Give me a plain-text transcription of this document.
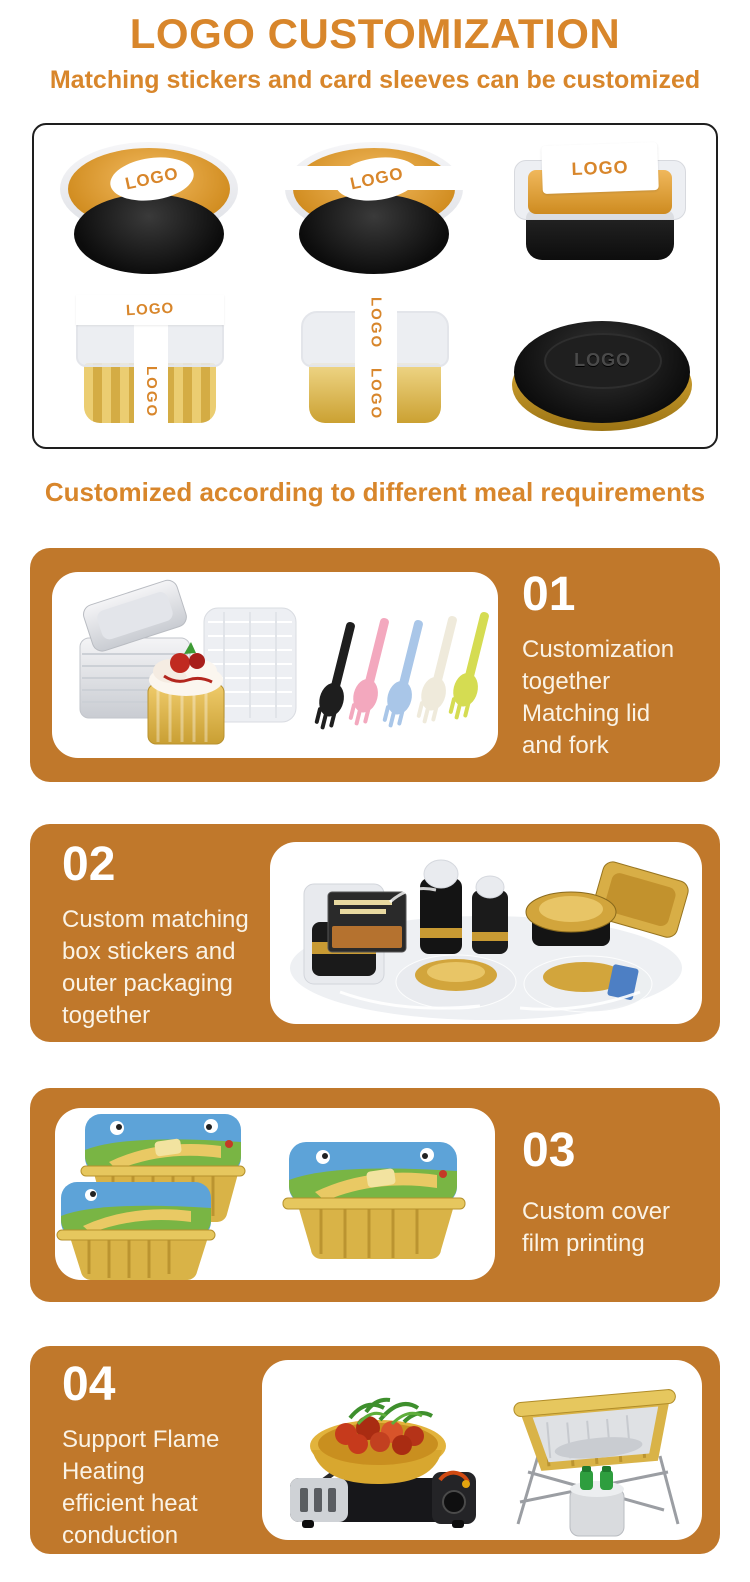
LOGO CUSTOMIZATION
Matching stickers and card sleeves can be customized
LOGO	LOGO	LOGO
LOGO
LOGO	LOGO
LOGO
LOGO
Customized according to different meal requirements
01
Customization
together
Matching lid
and fork
02
Custom matching
box stickers and
outer packaging
together
03
Custom cover
film printing
04
Support Flame
Heating
efficient heat
conduction
